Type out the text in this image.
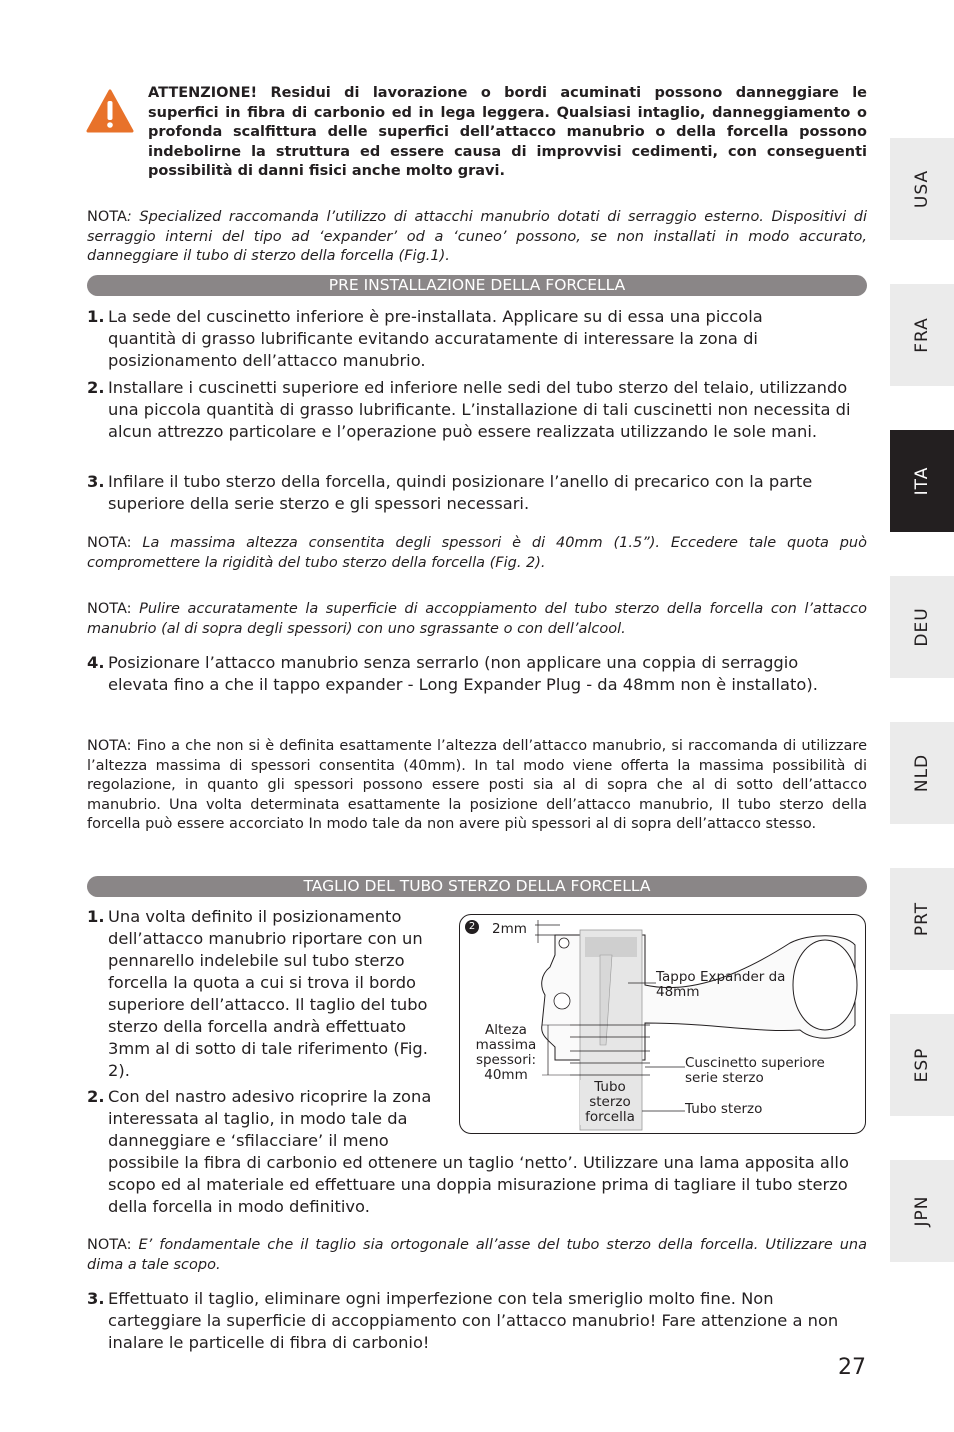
ATTENZIONE! Residui di lavorazione o bordi acuminati possono danneggiare le superfici in fibra di carbonio ed in lega leggera. Qualsiasi intaglio, danneggiamento o profonda scalfittura delle superfici dell’attacco manubrio o della forcella possono indebolirne la struttura ed essere causa di improvvisi cedimenti, con conseguenti possibilità di danni fisici anche molto gravi.
NOTA: Specialized raccomanda l’utilizzo di attacchi manubrio dotati di serraggio esterno. Dispositivi di serraggio interni del tipo ad ‘expander’ od a ‘cuneo’ possono, se non installati in modo accurato, danneggiare il tubo di sterzo della forcella (Fig.1).
PRE INSTALLAZIONE DELLA FORCELLA
1. La sede del cuscinetto inferiore è pre-installata. Applicare su di essa una piccola quantità di grasso lubrificante evitando accuratamente di interessare la zona di posizionamento dell’attacco manubrio.
2. Installare i cuscinetti superiore ed inferiore nelle sedi del tubo sterzo del telaio, utilizzando una piccola quantità di grasso lubrificante. L’installazione di tali cuscinetti non necessita di alcun attrezzo particolare e l’operazione può essere realizzata utilizzando le sole mani.
3. Infilare il tubo sterzo della forcella, quindi posizionare l’anello di precarico con la parte superiore della serie sterzo e gli spessori necessari.
NOTA: La massima altezza consentita degli spessori è di 40mm (1.5”). Eccedere tale quota può compromettere la rigidità del tubo sterzo della forcella (Fig. 2).
NOTA: Pulire accuratamente la superficie di accoppiamento del tubo sterzo della forcella con l’attacco manubrio (al di sopra degli spessori) con uno sgrassante o con dell’alcool.
4. Posizionare l’attacco manubrio senza serrarlo (non applicare una coppia di serraggio elevata fino a che il tappo expander - Long Expander Plug - da 48mm non è installato).
NOTA: Fino a che non si è definita esattamente l’altezza dell’attacco manubrio, si raccomanda di utilizzare l’altezza massima di spessori consentita (40mm). In tal modo viene offerta la massima possibilità di regolazione, in quanto gli spessori possono essere posti sia al di sopra che al di sotto dell’attacco manubrio. Una volta determinata esattamente la posizione dell’attacco manubrio, Il tubo sterzo della forcella può essere accorciato In modo tale da non avere più spessori al di sopra dell’attacco stesso.
TAGLIO DEL TUBO STERZO DELLA FORCELLA
1. Una volta definito il posizionamento dell’attacco manubrio riportare con un pennarello indelebile sul tubo sterzo forcella la quota a cui si trova il bordo superiore dell’attacco. Il taglio del tubo sterzo della forcella andrà effettuato 3mm al di sotto di tale riferimento (Fig. 2).
2. Con del nastro adesivo ricoprire la zona interessata al taglio, in modo tale da danneggiare e ‘sfilacciare’ il meno
possibile la fibra di carbonio ed ottenere un taglio ‘netto’. Utilizzare una lama apposita allo scopo ed al materiale ed effettuare una doppia misurazione prima di tagliare il tubo sterzo della forcella in modo definitivo.
2 2mm
Tappo Expander da 48mm
Alteza massima spessori: 40mm
Cuscinetto superiore serie sterzo
Tubo sterzo forcella	Tubo sterzo
NOTA: E’ fondamentale che il taglio sia ortogonale all’asse del tubo sterzo della forcella. Utilizzare una dima a tale scopo.
3. Effettuato il taglio, eliminare ogni imperfezione con tela smeriglio molto fine. Non carteggiare la superficie di accoppiamento con l’attacco manubrio! Fare attenzione a non inalare le particelle di fibra di carbonio!
USA
FRA
ITA
DEU
NLD
PRT
ESP
JPN
27
